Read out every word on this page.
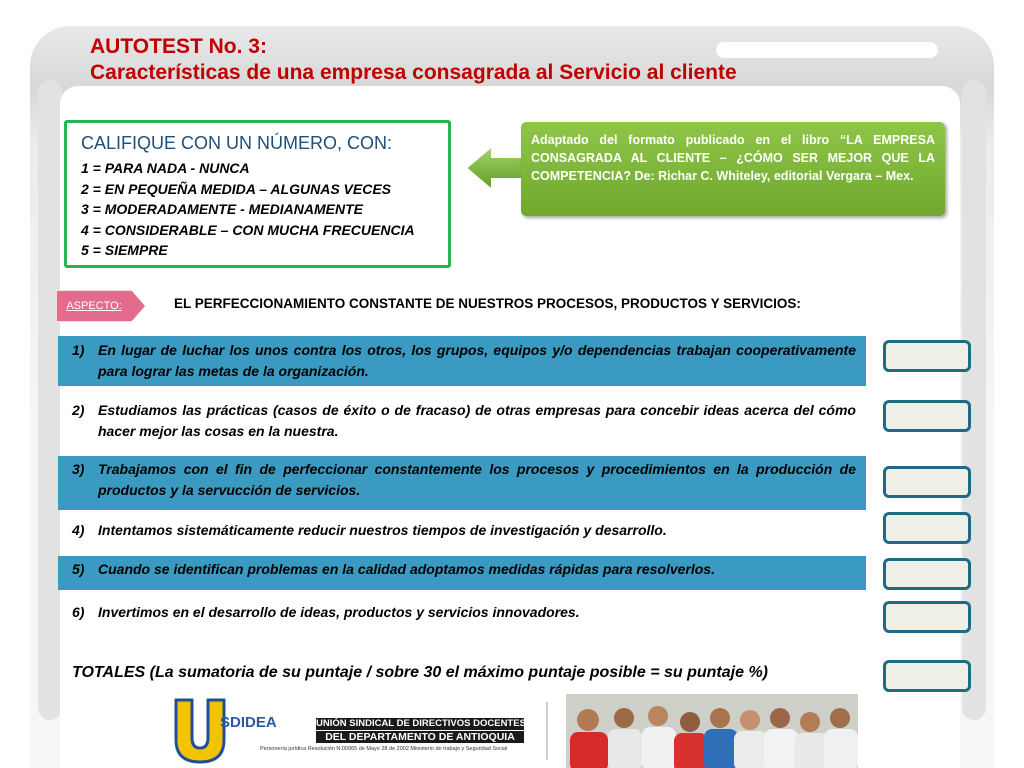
AUTOTEST No. 3:
Características de una empresa consagrada al Servicio al cliente
CALIFIQUE CON UN NÚMERO, CON:
1 = PARA NADA - NUNCA
2 = EN PEQUEÑA MEDIDA – ALGUNAS VECES
3 = MODERADAMENTE - MEDIANAMENTE
4 = CONSIDERABLE – CON MUCHA FRECUENCIA
5 = SIEMPRE
Adaptado del formato publicado en el libro “LA EMPRESA CONSAGRADA AL CLIENTE – ¿CÓMO SER MEJOR QUE LA COMPETENCIA? De: Richar C. Whiteley, editorial Vergara – Mex.
ASPECTO:	EL PERFECCIONAMIENTO CONSTANTE DE NUESTROS PROCESOS, PRODUCTOS Y SERVICIOS:
1) En lugar de luchar los unos contra los otros, los grupos, equipos y/o dependencias trabajan cooperativamente para lograr las metas de la organización.
2) Estudiamos las prácticas (casos de éxito o de fracaso) de otras empresas para concebir ideas acerca del cómo hacer mejor las cosas en la nuestra.
3) Trabajamos con el fin de perfeccionar constantemente los procesos y procedimientos en la producción de productos y la servucción de servicios.
4) Intentamos sistemáticamente reducir nuestros tiempos de investigación y desarrollo.
5) Cuando se identifican problemas en la calidad adoptamos medidas rápidas para resolverlos.
6) Invertimos en el desarrollo de ideas, productos y servicios innovadores.
TOTALES (La sumatoria de su puntaje / sobre 30 el máximo puntaje posible = su puntaje %)
SDIDEA	UNIÓN SINDICAL DE DIRECTIVOS DOCENTES
DEL DEPARTAMENTO DE ANTIOQUIA
Personería jurídica Resolución N.00965 de Mayo 28 de 2002 Ministerio de trabajo y Seguridad Social
